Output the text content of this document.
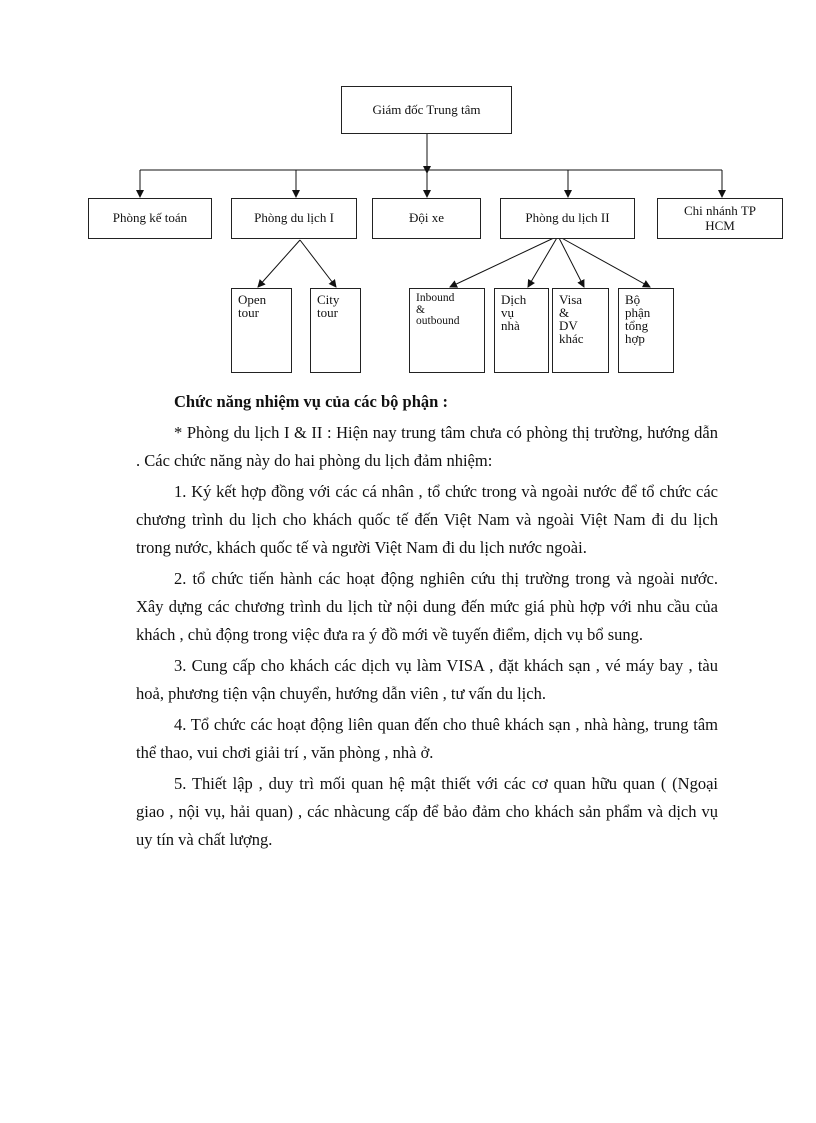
Giám đốc Trung tâm
Phòng kế toán	Phòng du lịch I	Đội xe	Phòng du lịch II	Chi nhánh TP HCM
Open tour
City tour
Inbound & outbound
Dịch vụ nhà
Visa & DV khác
Bộ phận tổng hợp
Chức năng nhiệm vụ của các bộ phận :

* Phòng du lịch I & II : Hiện nay trung tâm chưa có phòng thị trường, hướng dẫn . Các chức năng này do hai phòng du lịch đảm nhiệm:

1. Ký kết hợp đồng với các cá nhân , tổ chức trong và ngoài nước để tổ chức các chương trình du lịch cho khách quốc tế đến Việt Nam và ngoài Việt Nam đi du lịch trong nước, khách quốc tế và người Việt Nam đi du lịch nước ngoài.

2. tổ chức tiến hành các hoạt động nghiên cứu thị trường trong và ngoài nước. Xây dựng các chương trình du lịch từ nội dung đến mức giá phù hợp với nhu cầu của khách , chủ động trong việc đưa ra ý đồ mới về tuyến điểm, dịch vụ bổ sung.

3. Cung cấp cho khách các dịch vụ làm VISA , đặt khách sạn , vé máy bay , tàu hoả, phương tiện vận chuyển, hướng dẫn viên , tư vấn du lịch.

4. Tổ chức các hoạt động liên quan đến cho thuê khách sạn , nhà hàng, trung tâm thể thao, vui chơi giải trí , văn phòng , nhà ở.

5. Thiết lập , duy trì mối quan hệ mật thiết với các cơ quan hữu quan ( (Ngoại giao , nội vụ, hải quan) , các nhàcung cấp để bảo đảm cho khách sản phẩm và dịch vụ uy tín và chất lượng.
